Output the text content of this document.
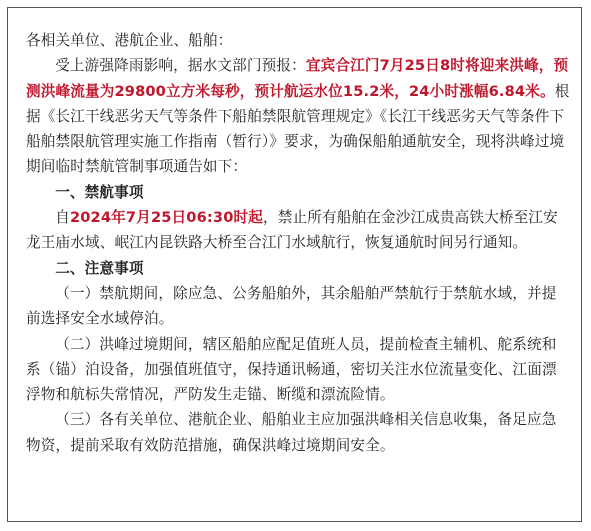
各相关单位、港航企业、船舶：

受上游强降雨影响，据水文部门预报：宜宾合江门7月25日8时将迎来洪峰，预测洪峰流量为29800立方米每秒，预计航运水位15.2米，24小时涨幅6.84米。根据《长江干线恶劣天气等条件下船舶禁限航管理规定》《长江干线恶劣天气等条件下船舶禁限航管理实施工作指南（暂行）》要求，为确保船舶通航安全，现将洪峰过境期间临时禁航管制事项通告如下：

一、禁航事项

自2024年7月25日06:30时起，禁止所有船舶在金沙江成贵高铁大桥至江安龙王庙水域、岷江内昆铁路大桥至合江门水域航行，恢复通航时间另行通知。

二、注意事项

（一）禁航期间，除应急、公务船舶外，其余船舶严禁航行于禁航水域，并提前选择安全水域停泊。

（二）洪峰过境期间，辖区船舶应配足值班人员，提前检查主辅机、舵系统和系（锚）泊设备，加强值班值守，保持通讯畅通，密切关注水位流量变化、江面漂浮物和航标失常情况，严防发生走锚、断缆和漂流险情。

（三）各有关单位、港航企业、船舶业主应加强洪峰相关信息收集，备足应急物资，提前采取有效防范措施，确保洪峰过境期间安全。
